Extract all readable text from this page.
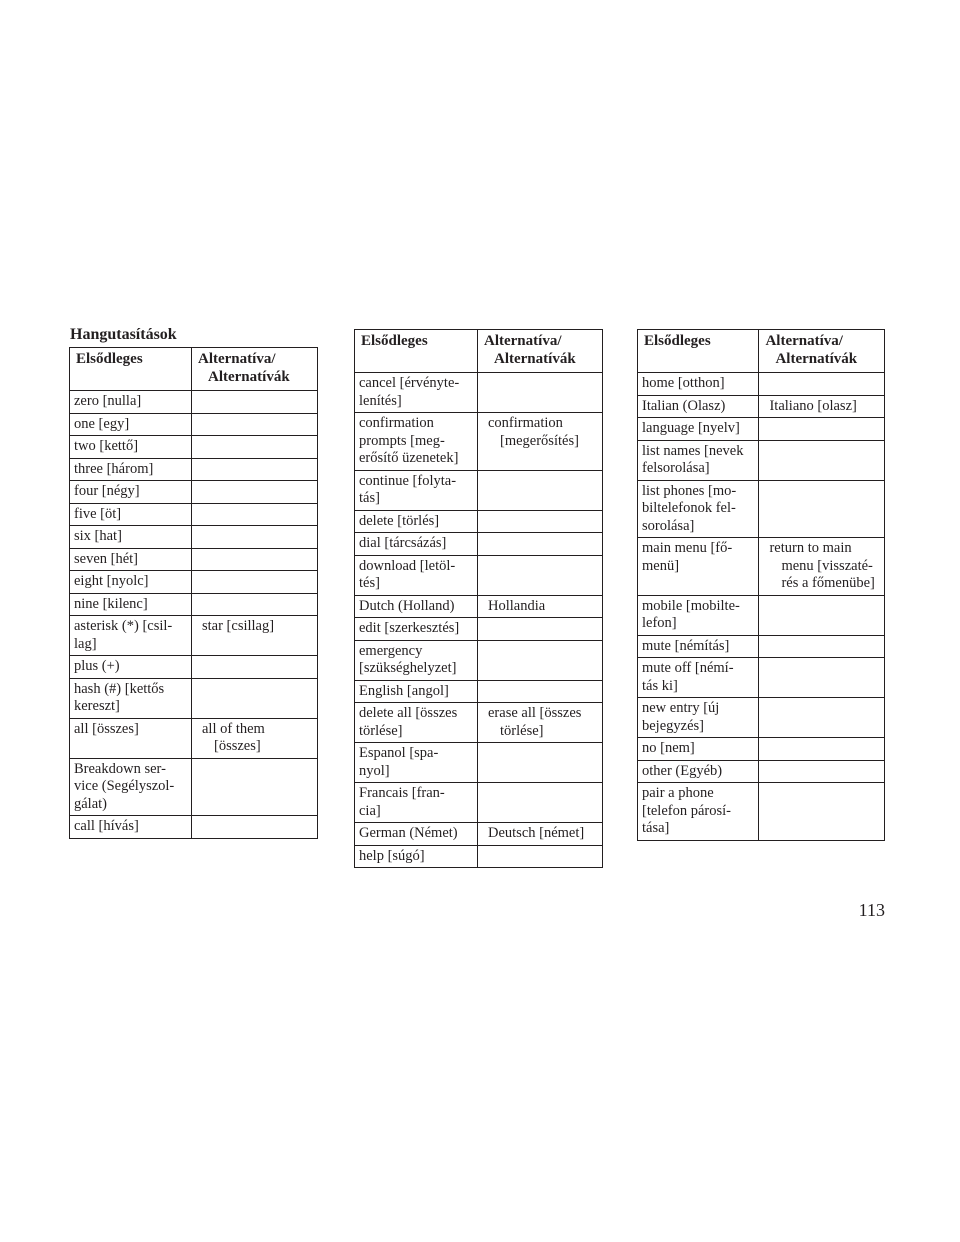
Hangutasítások
Elsődleges	Alternatíva/
Alternatívák

zero [nulla]	

one [egy]	

two [kettő]	

three [három]	

four [négy]	

five [öt]	

six [hat]	

seven [hét]	

eight [nyolc]	

nine [kilenc]	

asterisk (*) [csil-
lag]	star [csillag]

plus (+)	

hash (#) [kettős
kereszt]	

all [összes]	all of them
[összes]

Breakdown ser-
vice (Segélyszol-
gálat)	

call [hívás]	

Elsődleges	Alternatíva/
Alternatívák

cancel [érvényte-
lenítés]	

confirmation
prompts [meg-
erősítő üzenetek]	confirmation
[megerősítés]

continue [folyta-
tás]	

delete [törlés]	

dial [tárcsázás]	

download [letöl-
tés]	

Dutch (Holland)	Hollandia

edit [szerkesztés]	

emergency
[szükséghelyzet]	

English [angol]	

delete all [összes
törlése]	erase all [összes
törlése]

Espanol [spa-
nyol]	

Francais [fran-
cia]	

German (Német)	Deutsch [német]

help [súgó]	

Elsődleges	Alternatíva/
Alternatívák

home [otthon]	

Italian (Olasz)	Italiano [olasz]

language [nyelv]	

list names [nevek
felsorolása]	

list phones [mo-
biltelefonok fel-
sorolása]	

main menu [fő-
menü]	return to main
menu [visszaté-
rés a főmenübe]

mobile [mobilte-
lefon]	

mute [némítás]	

mute off [némí-
tás ki]	

new entry [új
bejegyzés]	

no [nem]	

other (Egyéb)	

pair a phone
[telefon párosí-
tása]	

113
